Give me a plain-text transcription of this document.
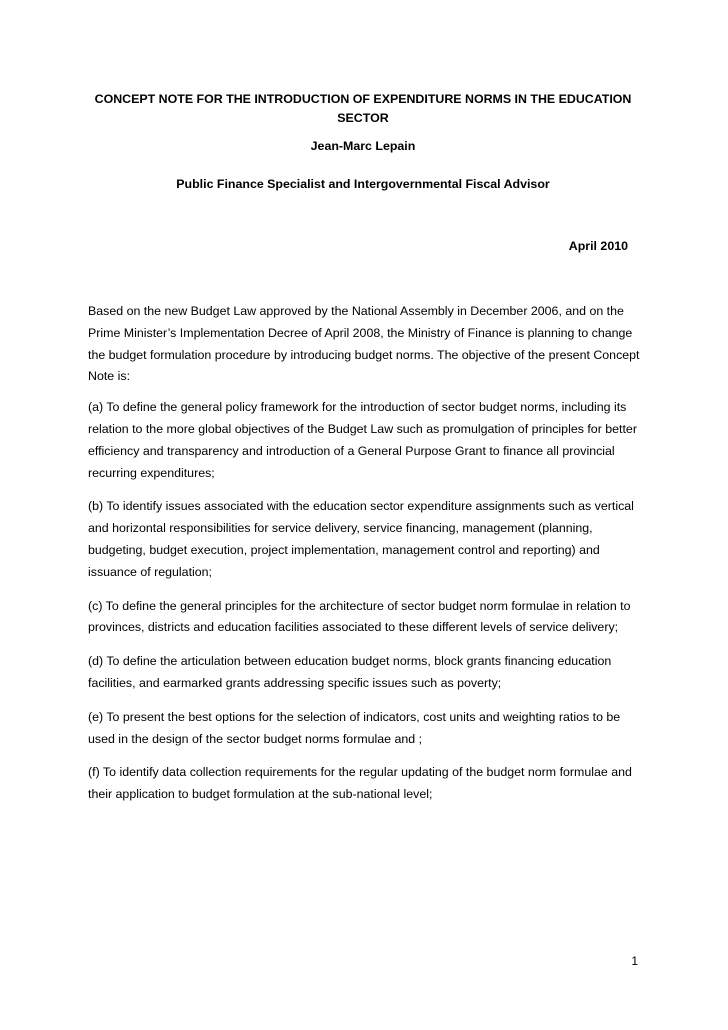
CONCEPT NOTE FOR THE INTRODUCTION OF EXPENDITURE NORMS IN THE EDUCATION SECTOR
Jean-Marc Lepain
Public Finance Specialist and Intergovernmental Fiscal Advisor
April 2010

Based on the new Budget Law approved by the National Assembly in December 2006, and on the Prime Minister’s Implementation Decree of April 2008, the Ministry of Finance is planning to change the budget formulation procedure by introducing budget norms. The objective of the present Concept Note is:

(a) To define the general policy framework for the introduction of sector budget norms, including its relation to the more global objectives of the Budget Law such as promulgation of principles for better efficiency and transparency and introduction of a General Purpose Grant to finance all provincial recurring expenditures;

(b) To identify issues associated with the education sector expenditure assignments such as vertical and horizontal responsibilities for service delivery, service financing, management (planning, budgeting, budget execution, project implementation, management control and reporting) and issuance of regulation;

(c) To define the general principles for the architecture of sector budget norm formulae in relation to provinces, districts and education facilities associated to these different levels of service delivery;

(d) To define the articulation between education budget norms, block grants financing education facilities, and earmarked grants addressing specific issues such as poverty;

(e) To present the best options for the selection of indicators, cost units and weighting ratios to be used in the design of the sector budget norms formulae and ;

(f) To identify data collection requirements for the regular updating of the budget norm formulae and their application to budget formulation at the sub-national level;

1
